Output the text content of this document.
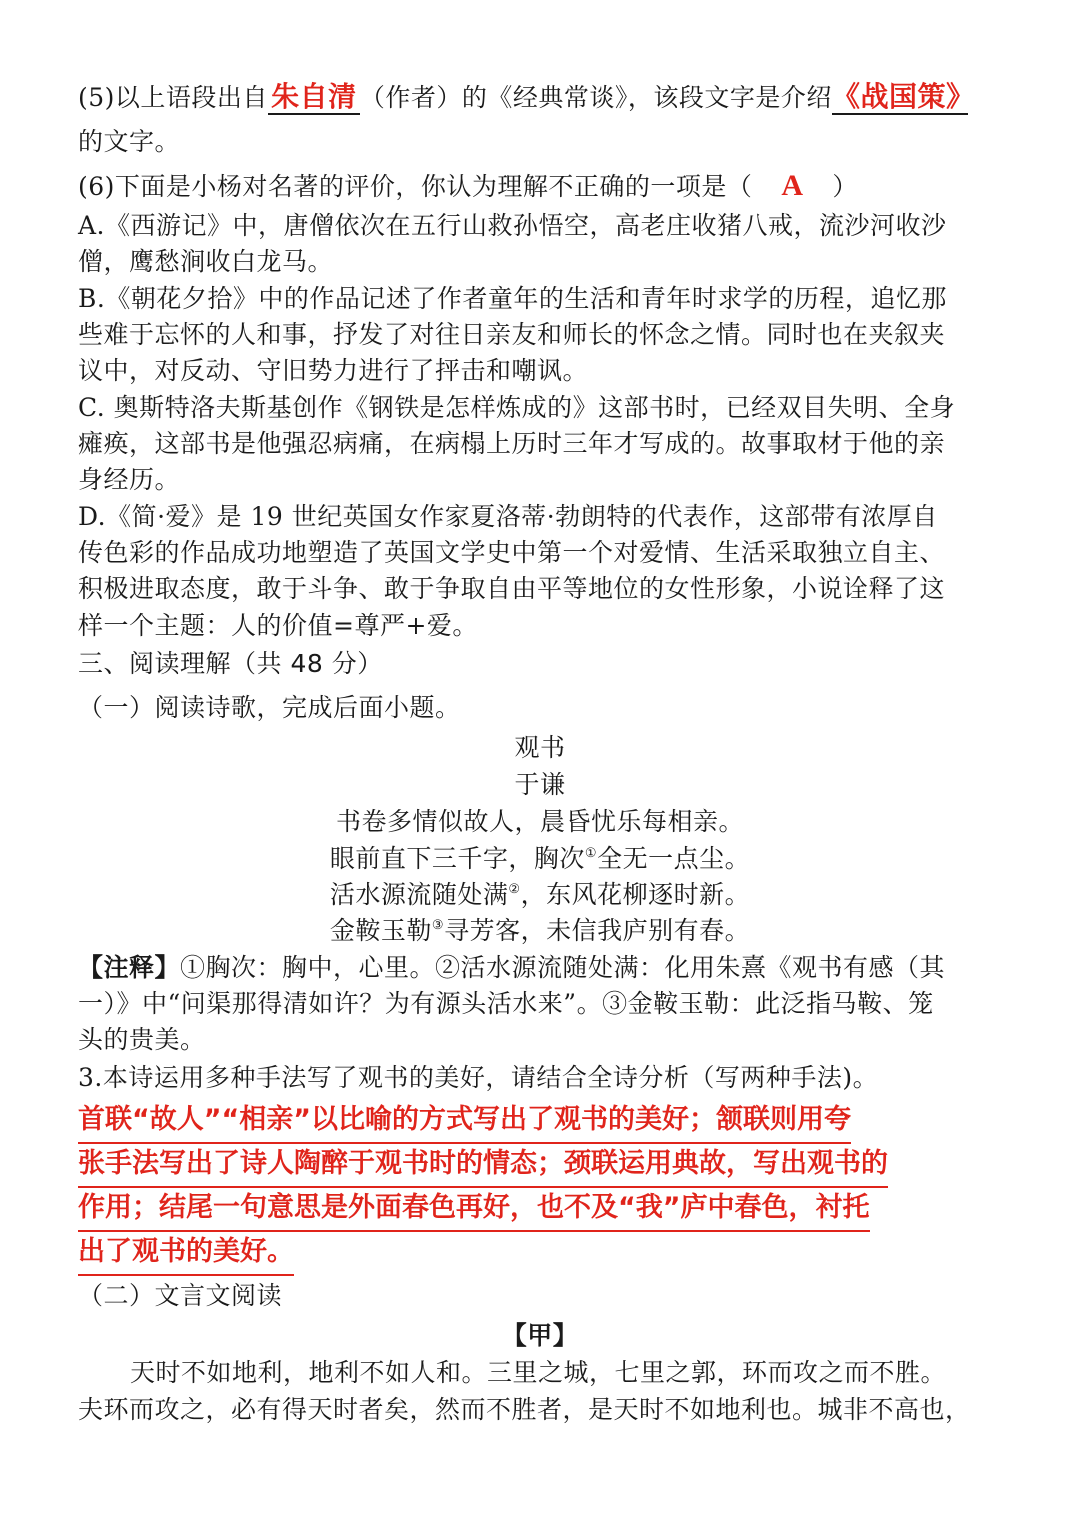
(5)以上语段出自 朱自清 （作者）的《经典常谈》，该段文字是介绍《战国策》
的文字。
(6)下面是小杨对名著的评价，你认为理解不正确的一项是（ A ）
A.《西游记》中，唐僧依次在五行山救孙悟空，高老庄收猪八戒，流沙河收沙
僧，鹰愁涧收白龙马。
B.《朝花夕拾》中的作品记述了作者童年的生活和青年时求学的历程，追忆那
些难于忘怀的人和事，抒发了对往日亲友和师长的怀念之情。同时也在夹叙夹
议中，对反动、守旧势力进行了抨击和嘲讽。
C. 奥斯特洛夫斯基创作《钢铁是怎样炼成的》这部书时，已经双目失明、全身
瘫痪，这部书是他强忍病痛，在病榻上历时三年才写成的。故事取材于他的亲
身经历。
D.《简·爱》是 19 世纪英国女作家夏洛蒂·勃朗特的代表作，这部带有浓厚自
传色彩的作品成功地塑造了英国文学史中第一个对爱情、生活采取独立自主、
积极进取态度，敢于斗争、敢于争取自由平等地位的女性形象，小说诠释了这
样一个主题：人的价值=尊严+爱。
三、阅读理解（共 48 分）
（一）阅读诗歌，完成后面小题。
观书
于谦
书卷多情似故人，晨昏忧乐每相亲。
眼前直下三千字，胸次①全无一点尘。
活水源流随处满②，东风花柳逐时新。
金鞍玉勒③寻芳客，未信我庐别有春。
【注释】①胸次：胸中，心里。②活水源流随处满：化用朱熹《观书有感（其
一）》中“问渠那得清如许？为有源头活水来”。③金鞍玉勒：此泛指马鞍、笼
头的贵美。
3.本诗运用多种手法写了观书的美好，请结合全诗分析（写两种手法)。
首联“故人”“相亲”以比喻的方式写出了观书的美好；颔联则用夸
张手法写出了诗人陶醉于观书时的情态；颈联运用典故，写出观书的
作用；结尾一句意思是外面春色再好，也不及“我”庐中春色，衬托
出了观书的美好。
（二）文言文阅读
【甲】
天时不如地利，地利不如人和。三里之城，七里之郭，环而攻之而不胜。
夫环而攻之，必有得天时者矣，然而不胜者，是天时不如地利也。城非不高也，
